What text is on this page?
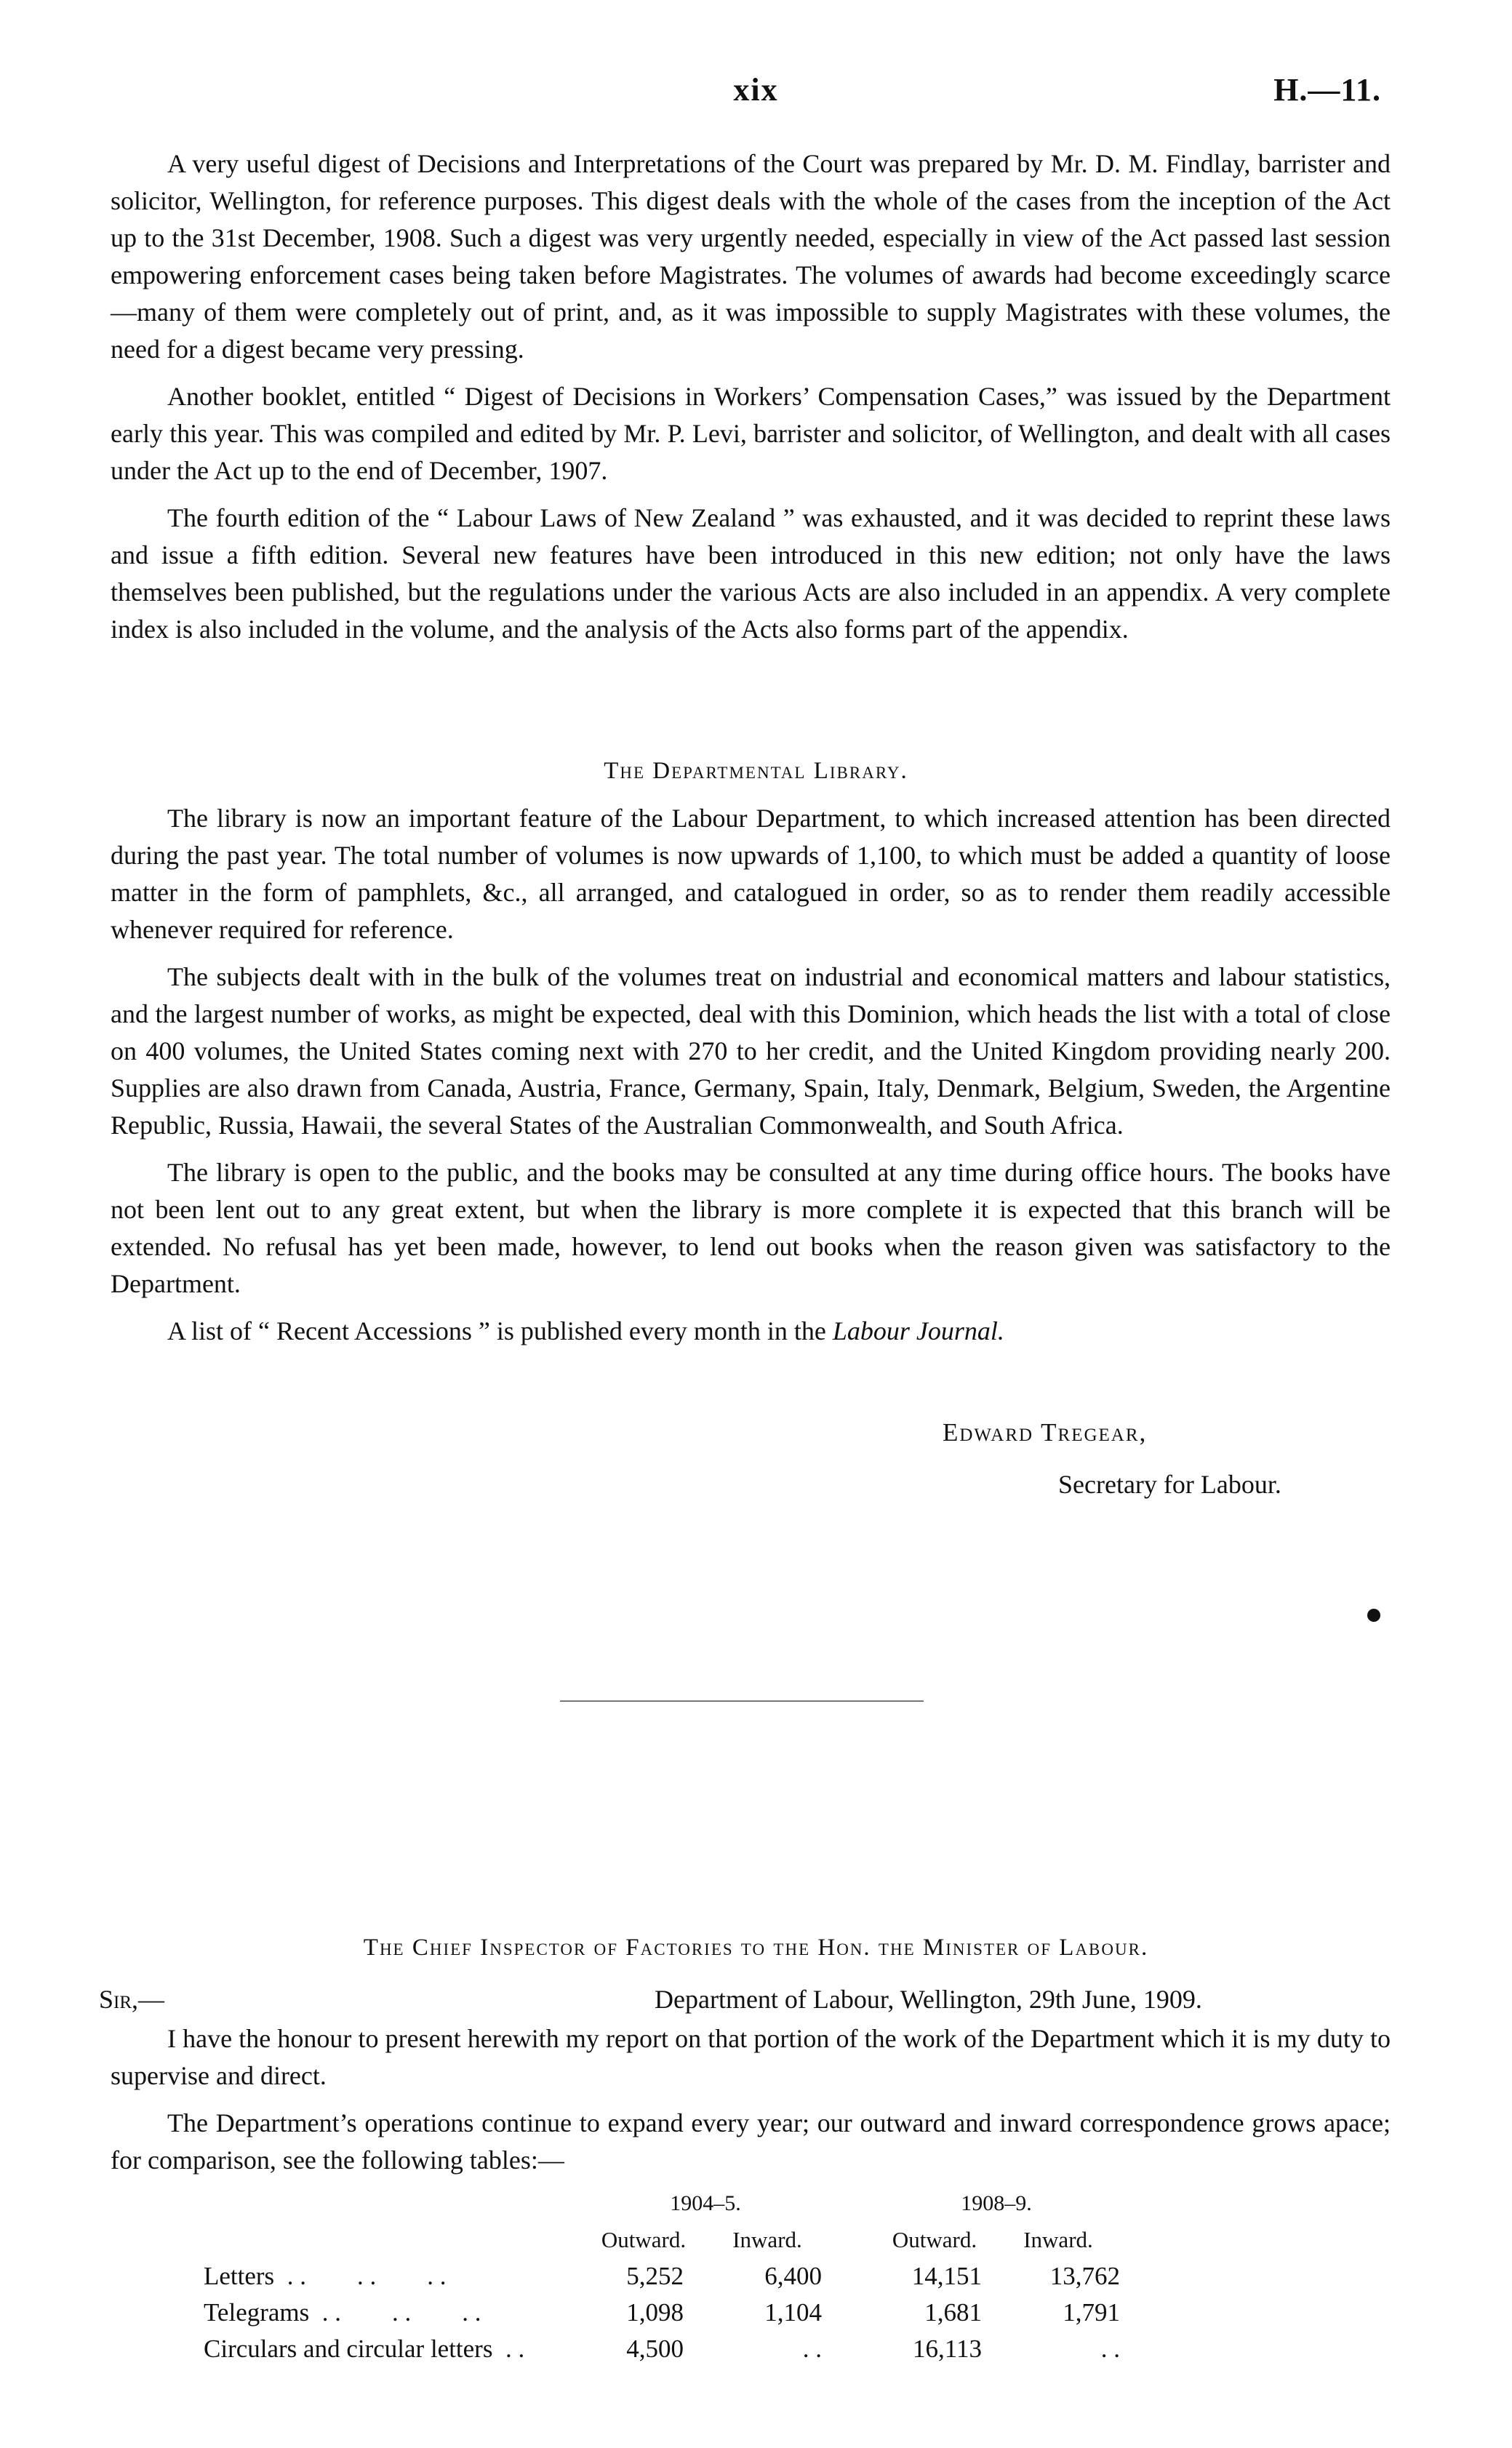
xix	H.—11.

A very useful digest of Decisions and Interpretations of the Court was prepared by Mr. D. M. Findlay, barrister and solicitor, Wellington, for reference purposes. This digest deals with the whole of the cases from the inception of the Act up to the 31st December, 1908. Such a digest was very urgently needed, especially in view of the Act passed last session empowering enforcement cases being taken before Magistrates. The volumes of awards had become exceedingly scarce—many of them were completely out of print, and, as it was impossible to supply Magistrates with these volumes, the need for a digest became very pressing.

Another booklet, entitled “ Digest of Decisions in Workers’ Compensation Cases,” was issued by the Department early this year. This was compiled and edited by Mr. P. Levi, barrister and solicitor, of Wellington, and dealt with all cases under the Act up to the end of December, 1907.

The fourth edition of the “ Labour Laws of New Zealand ” was exhausted, and it was decided to reprint these laws and issue a fifth edition. Several new features have been introduced in this new edition; not only have the laws themselves been published, but the regulations under the various Acts are also included in an appendix. A very complete index is also included in the volume, and the analysis of the Acts also forms part of the appendix.

The Departmental Library.

The library is now an important feature of the Labour Department, to which increased attention has been directed during the past year. The total number of volumes is now upwards of 1,100, to which must be added a quantity of loose matter in the form of pamphlets, &c., all arranged, and catalogued in order, so as to render them readily accessible whenever required for reference.

The subjects dealt with in the bulk of the volumes treat on industrial and economical matters and labour statistics, and the largest number of works, as might be expected, deal with this Dominion, which heads the list with a total of close on 400 volumes, the United States coming next with 270 to her credit, and the United Kingdom providing nearly 200. Supplies are also drawn from Canada, Austria, France, Germany, Spain, Italy, Denmark, Belgium, Sweden, the Argentine Republic, Russia, Hawaii, the several States of the Australian Commonwealth, and South Africa.

The library is open to the public, and the books may be consulted at any time during office hours. The books have not been lent out to any great extent, but when the library is more complete it is expected that this branch will be extended. No refusal has yet been made, however, to lend out books when the reason given was satisfactory to the Department.

A list of “ Recent Accessions ” is published every month in the Labour Journal.

Edward Tregear,
Secretary for Labour.
The Chief Inspector of Factories to the Hon. the Minister of Labour.
Sir,—	Department of Labour, Wellington, 29th June, 1909.

I have the honour to present herewith my report on that portion of the work of the Department which it is my duty to supervise and direct.

The Department’s operations continue to expand every year; our outward and inward correspondence grows apace; for comparison, see the following tables:—

	1904–5.			1908–9.	
	Outward.	Inward.		Outward.	Inward.
Letters  . .        . .        . .	5,252	6,400		14,151	13,762
Telegrams  . .        . .        . .	1,098	1,104		1,681	1,791
Circulars and circular letters  . .	4,500	. .		16,113	. .
